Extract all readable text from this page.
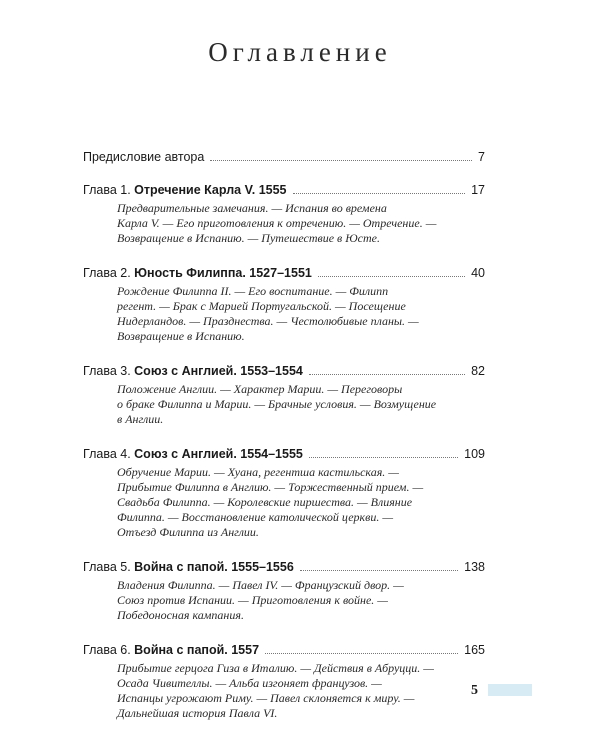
Оглавление
Предисловие автора	7
Глава 1. Отречение Карла V. 1555	17
Предварительные замечания. — Испания во времена
Карла V. — Его приготовления к отречению. — Отречение. —
Возвращение в Испанию. — Путешествие в Юсте.
Глава 2. Юность Филиппа. 1527–1551	40
Рождение Филиппа II. — Его воспитание. — Филипп
регент. — Брак с Марией Португальской. — Посещение
Нидерландов. — Празднества. — Честолюбивые планы. —
Возвращение в Испанию.
Глава 3. Союз с Англией. 1553–1554	82
Положение Англии. — Характер Марии. — Переговоры
о браке Филиппа и Марии. — Брачные условия. — Возмущение
в Англии.
Глава 4. Союз с Англией. 1554–1555	109
Обручение Марии. — Хуана, регентша кастильская. —
Прибытие Филиппа в Англию. — Торжественный прием. —
Свадьба Филиппа. — Королевские пиршества. — Влияние
Филиппа. — Восстановление католической церкви. —
Отъезд Филиппа из Англии.
Глава 5. Война с папой. 1555–1556	138
Владения Филиппа. — Павел IV. — Французский двор. —
Союз против Испании. — Приготовления к войне. —
Победоносная кампания.
Глава 6. Война с папой. 1557	165
Прибытие герцога Гиза в Италию. — Действия в Абруцци. —
Осада Чивителлы. — Альба изгоняет французов. —
Испанцы угрожают Риму. — Павел склоняется к миру. —
Дальнейшая история Павла VI.
5
